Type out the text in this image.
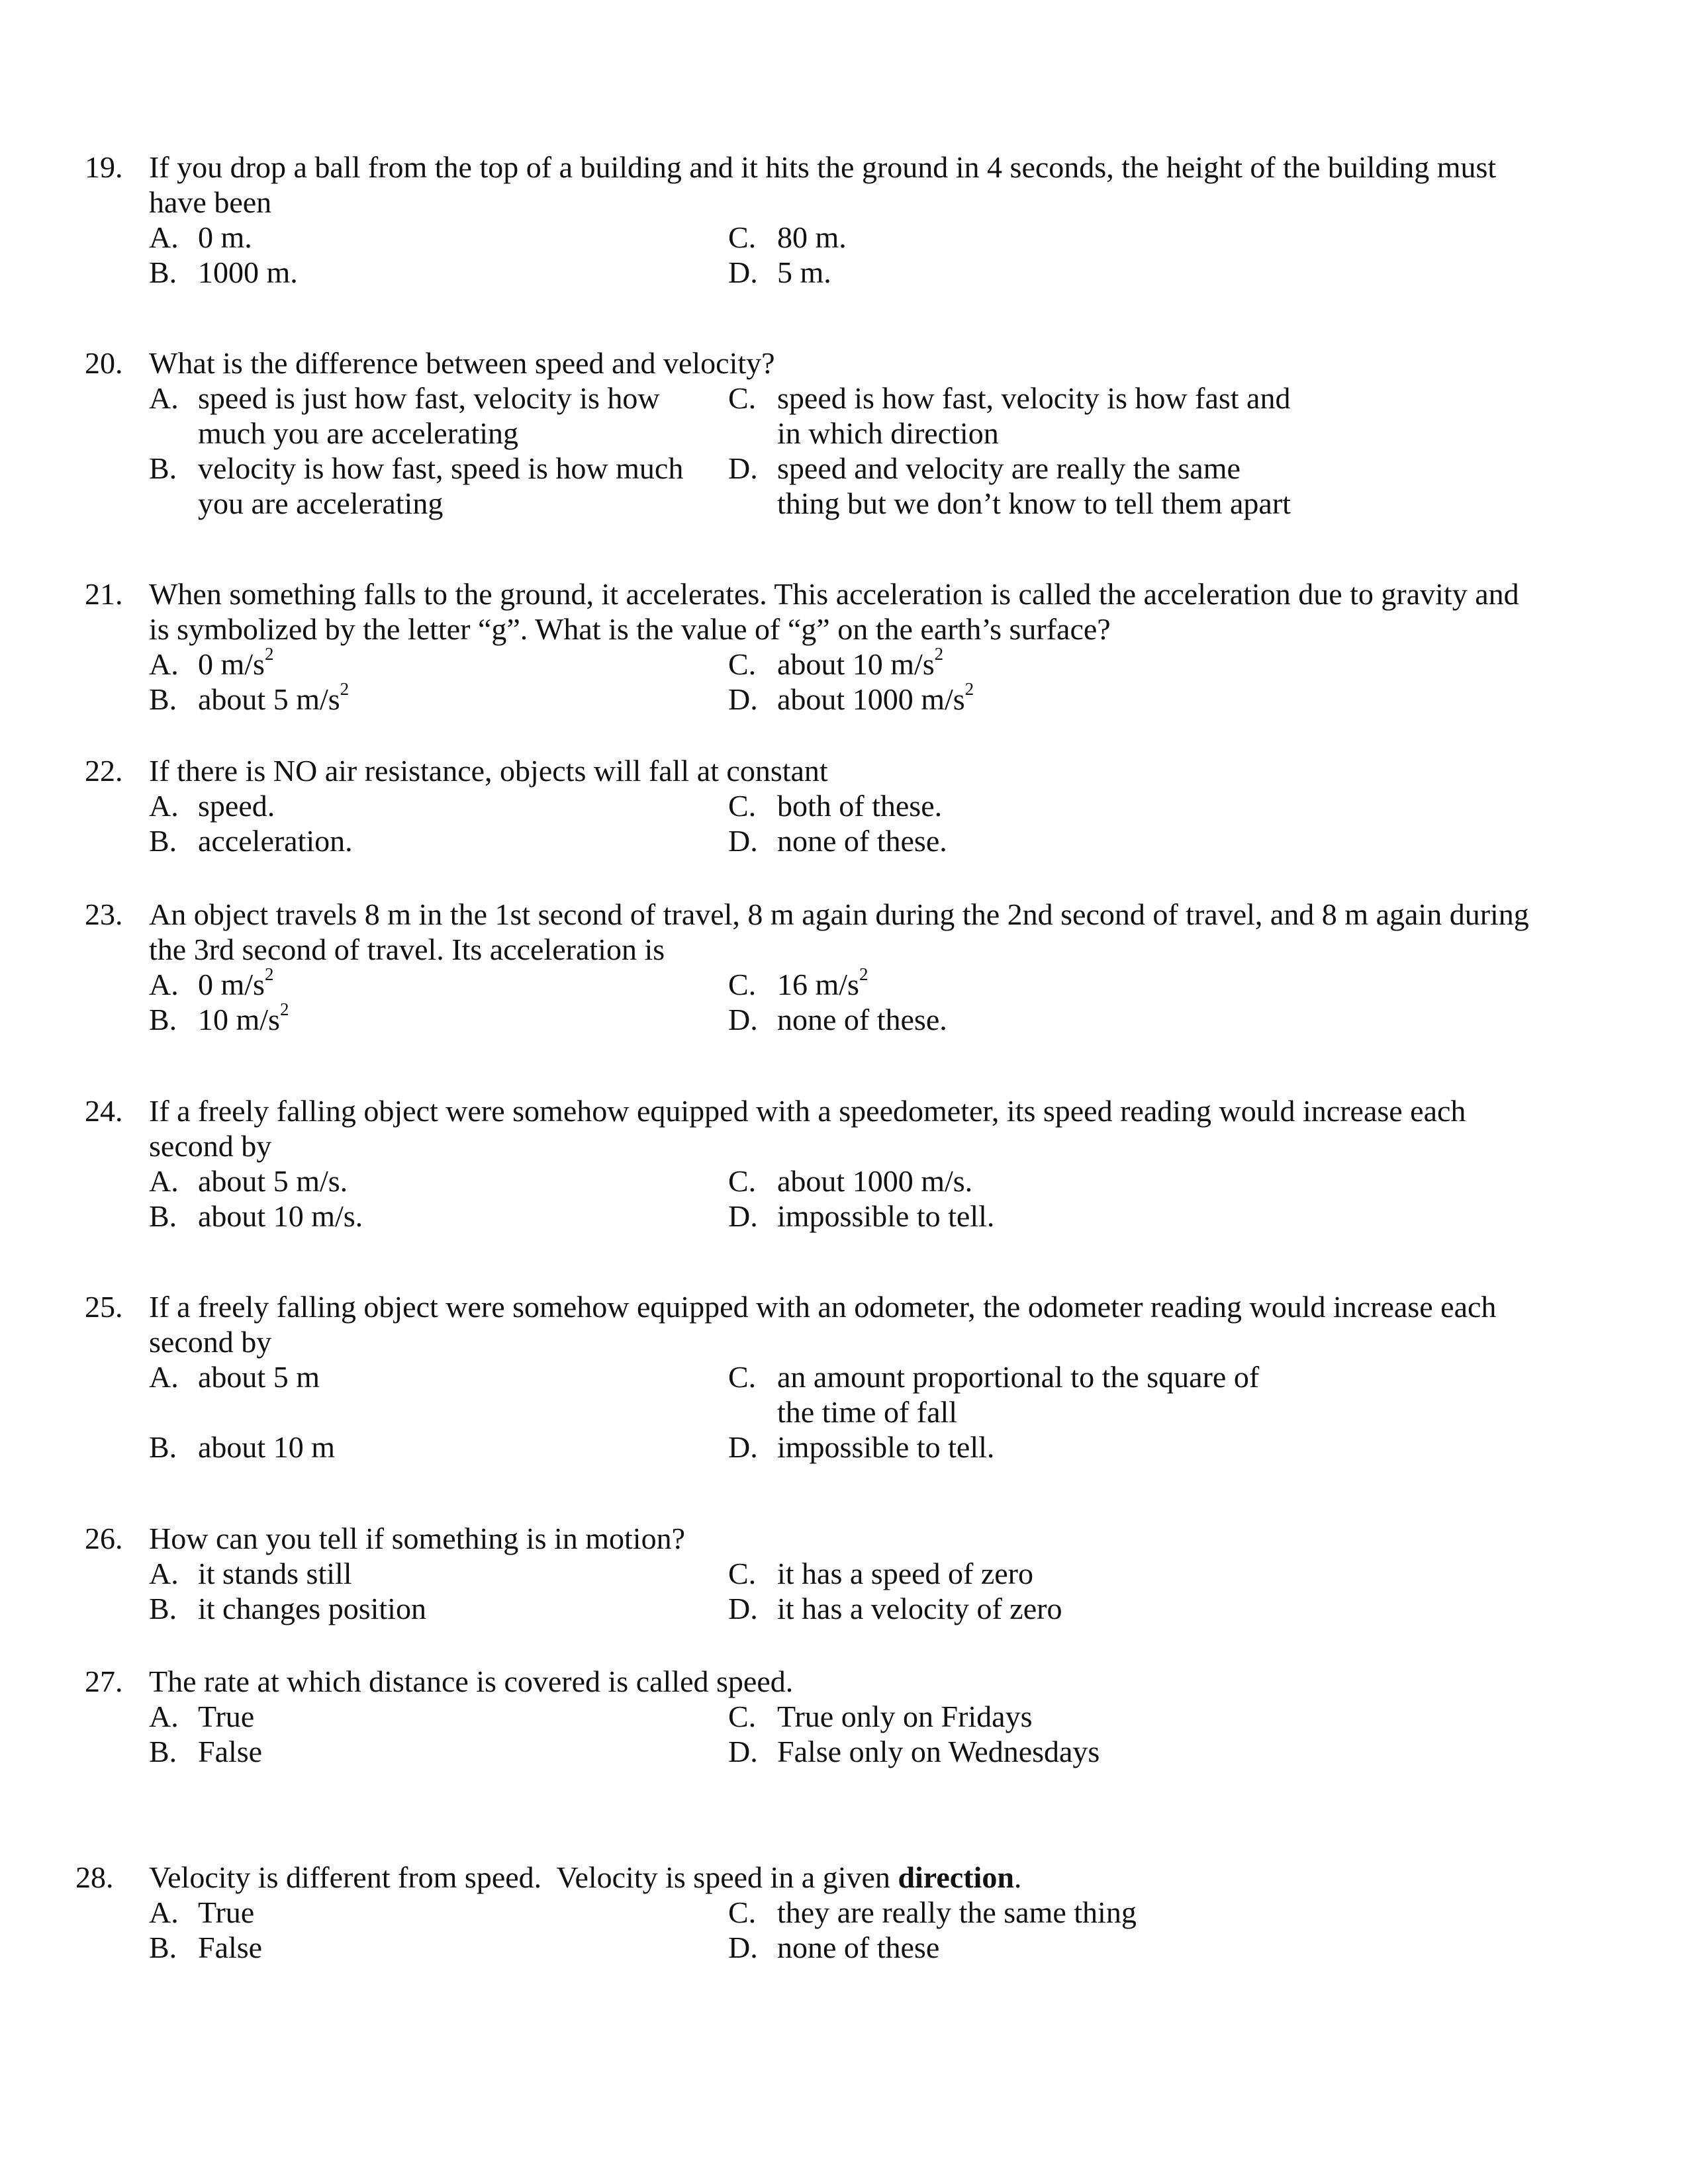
19. If you drop a ball from the top of a building and it hits the ground in 4 seconds, the height of the building must
have been
A. 0 m.
B. 1000 m.
C. 80 m.
D. 5 m.
20. What is the difference between speed and velocity?
A. speed is just how fast, velocity is how
much you are accelerating
B. velocity is how fast, speed is how much
you are accelerating
C. speed is how fast, velocity is how fast and
in which direction
D. speed and velocity are really the same
thing but we don’t know to tell them apart
21. When something falls to the ground, it accelerates. This acceleration is called the acceleration due to gravity and
is symbolized by the letter “g”. What is the value of “g” on the earth’s surface?
A. 0 $m/s^2$
B. about 5 $m/s^2$
C. about 10 $m/s^2$
D. about 1000 $m/s^2$
22. If there is NO air resistance, objects will fall at constant
A. speed.
B. acceleration.
C. both of these.
D. none of these.
23. An object travels 8 m in the 1st second of travel, 8 m again during the 2nd second of travel, and 8 m again during
the 3rd second of travel. Its acceleration is
A. 0 $m/s^2$
B. 10 $m/s^2$
C. 16 $m/s^2$
D. none of these.
24. If a freely falling object were somehow equipped with a speedometer, its speed reading would increase each
second by
A. about 5 m/s.
B. about 10 m/s.
C. about 1000 m/s.
D. impossible to tell.
25. If a freely falling object were somehow equipped with an odometer, the odometer reading would increase each
second by
A. about 5 m
B. about 10 m
C. an amount proportional to the square of
the time of fall
D. impossible to tell.
26. How can you tell if something is in motion?
A. it stands still
B. it changes position
C. it has a speed of zero
D. it has a velocity of zero
27. The rate at which distance is covered is called speed.
A. True
B. False
C. True only on Fridays
D. False only on Wednesdays
28. Velocity is different from speed.  Velocity is speed in a given direction.
A. True
B. False
C. they are really the same thing
D. none of these
